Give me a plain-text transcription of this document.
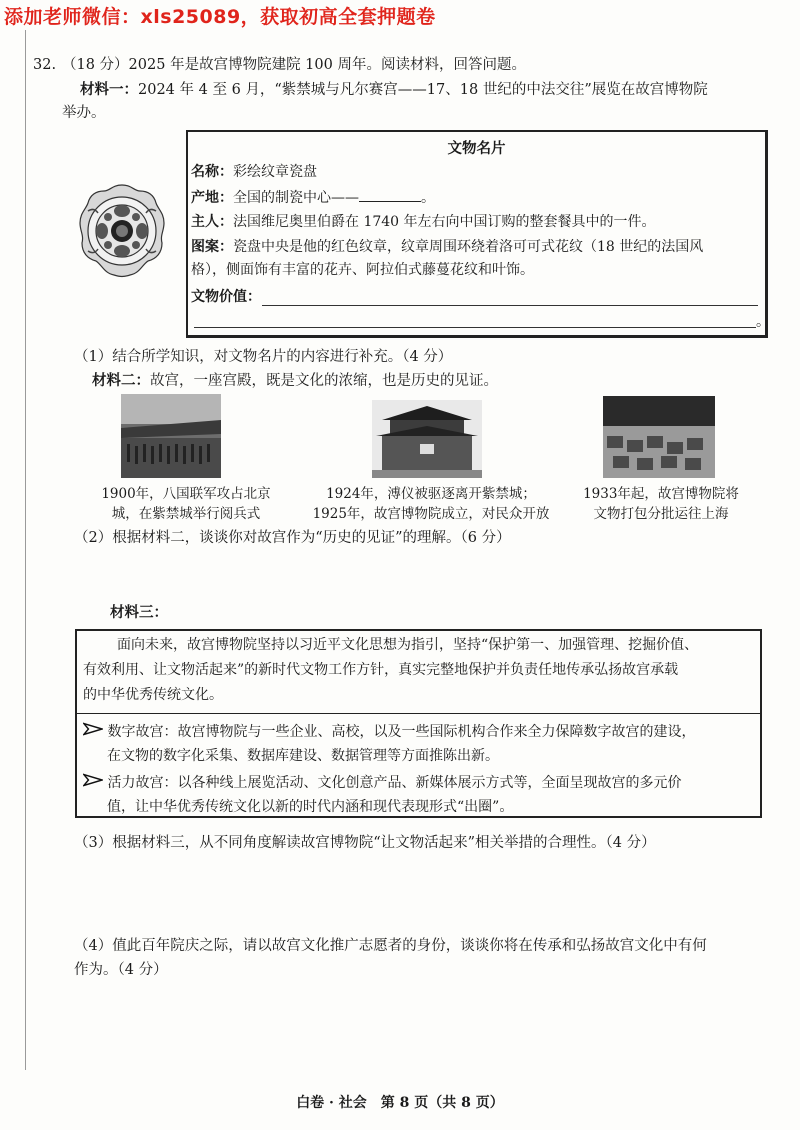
添加老师微信：xls25089，获取初高全套押题卷
32. （18 分）2025 年是故宫博物院建院 100 周年。阅读材料，回答问题。
材料一：2024 年 4 至 6 月，“紫禁城与凡尔赛宫——17、18 世纪的中法交往”展览在故宫博物院
举办。
文物名片
名称：彩绘纹章瓷盘
产地：全国的制瓷中心——	。
主人：法国维尼奥里伯爵在 1740 年左右向中国订购的整套餐具中的一件。
图案：瓷盘中央是他的红色纹章，纹章周围环绕着洛可可式花纹（18 世纪的法国风
格），侧面饰有丰富的花卉、阿拉伯式藤蔓花纹和叶饰。
文物价值：
。
（1）结合所学知识，对文物名片的内容进行补充。（4 分）
材料二：故宫，一座宫殿，既是文化的浓缩，也是历史的见证。
1900年，八国联军攻占北京
城，在紫禁城举行阅兵式
1924年，溥仪被驱逐离开紫禁城；
1925年，故宫博物院成立，对民众开放
1933年起，故宫博物院将
文物打包分批运往上海
（2）根据材料二，谈谈你对故宫作为“历史的见证”的理解。（6 分）
材料三：
面向未来，故宫博物院坚持以习近平文化思想为指引，坚持“保护第一、加强管理、挖掘价值、
有效利用、让文物活起来”的新时代文物工作方针，真实完整地保护并负责任地传承弘扬故宫承载
的中华优秀传统文化。
数字故宫：故宫博物院与一些企业、高校，以及一些国际机构合作来全力保障数字故宫的建设，
在文物的数字化采集、数据库建设、数据管理等方面推陈出新。
活力故宫：以各种线上展览活动、文化创意产品、新媒体展示方式等，全面呈现故宫的多元价
值，让中华优秀传统文化以新的时代内涵和现代表现形式“出圈”。
（3）根据材料三，从不同角度解读故宫博物院“让文物活起来”相关举措的合理性。（4 分）
（4）值此百年院庆之际，请以故宫文化推广志愿者的身份，谈谈你将在传承和弘扬故宫文化中有何
作为。（4 分）
白卷 · 社会　第 8 页（共 8 页）
